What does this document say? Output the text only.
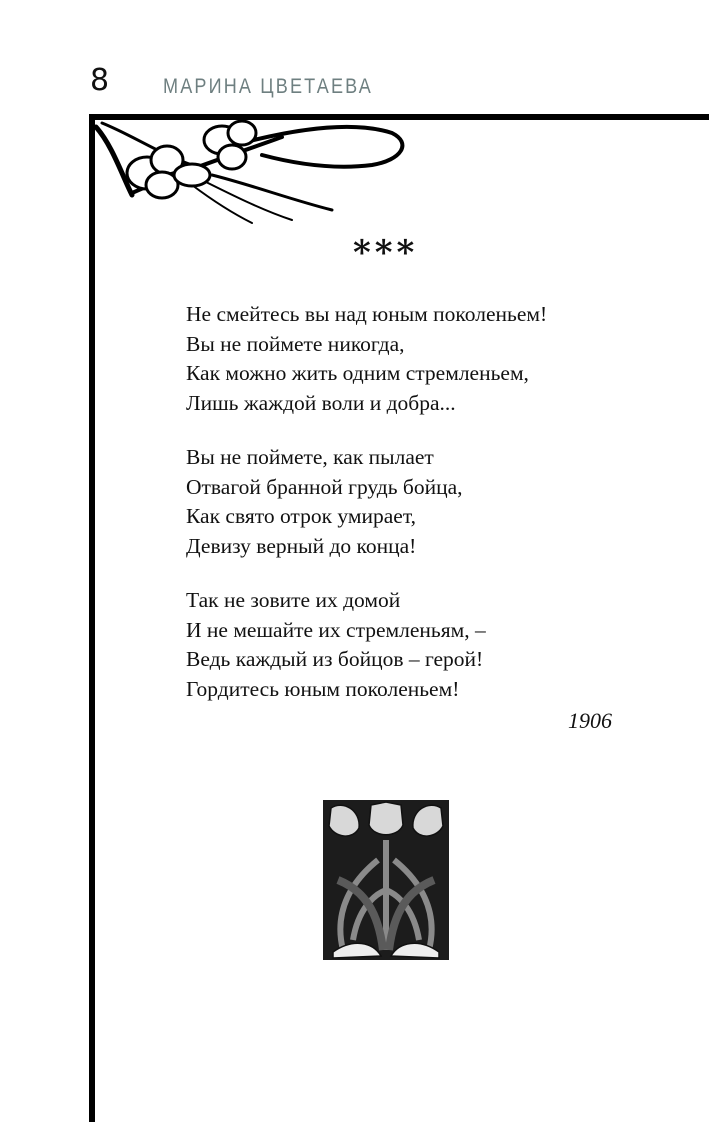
8	МАРИНА ЦВЕТАЕВА
***
Не смейтесь вы над юным поколеньем!
Вы не поймете никогда,
Как можно жить одним стремленьем,
Лишь жаждой воли и добра...
Вы не поймете, как пылает
Отвагой бранной грудь бойца,
Как свято отрок умирает,
Девизу верный до конца!
Так не зовите их домой
И не мешайте их стремленьям, –
Ведь каждый из бойцов – герой!
Гордитесь юным поколеньем!
1906
